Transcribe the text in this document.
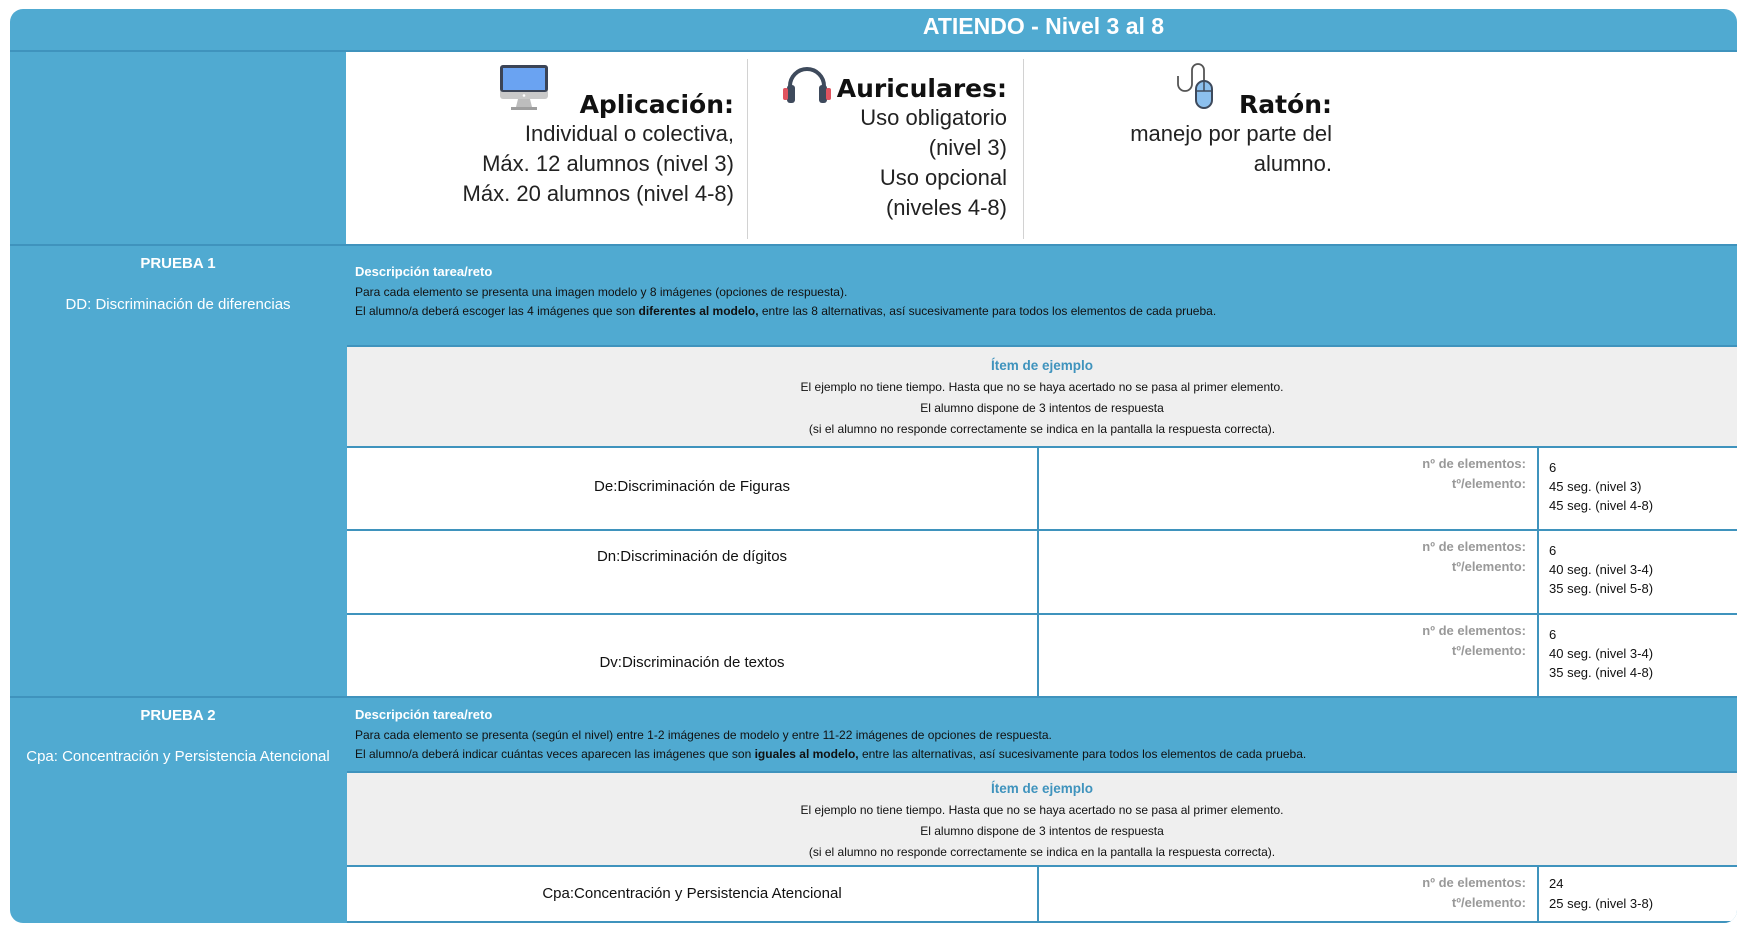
ATIENDO - Nivel 3 al 8
Aplicación:
Individual o colectiva,
Máx. 12 alumnos (nivel 3)
Máx. 20 alumnos (nivel 4-8)
Auriculares:
Uso obligatorio
(nivel 3)
Uso opcional
(niveles 4-8)
Ratón:
manejo por parte del
alumno.
PRUEBA 1
DD: Discriminación de diferencias
Descripción tarea/reto
Para cada elemento se presenta una imagen modelo y 8 imágenes (opciones de respuesta).
El alumno/a deberá escoger las 4 imágenes que son diferentes al modelo, entre las 8 alternativas, así sucesivamente para todos los elementos de cada prueba.
Ítem de ejemplo
El ejemplo no tiene tiempo. Hasta que no se haya acertado no se pasa al primer elemento.
El alumno dispone de 3 intentos de respuesta
(si el alumno no responde correctamente se indica en la pantalla la respuesta correcta).
De:Discriminación de Figuras
nº de elementos:
tº/elemento:
6
45 seg. (nivel 3)
45 seg. (nivel 4-8)
Dn:Discriminación de dígitos
nº de elementos:
tº/elemento:
6
40 seg. (nivel 3-4)
35 seg. (nivel 5-8)
Dv:Discriminación de textos
nº de elementos:
tº/elemento:
6
40 seg. (nivel 3-4)
35 seg. (nivel 4-8)
PRUEBA 2
Cpa: Concentración y Persistencia Atencional
Descripción tarea/reto
Para cada elemento se presenta (según el nivel) entre 1-2 imágenes de modelo y entre 11-22 imágenes de opciones de respuesta.
El alumno/a deberá indicar cuántas veces aparecen las imágenes que son iguales al modelo, entre las alternativas, así sucesivamente para todos los elementos de cada prueba.
Ítem de ejemplo
El ejemplo no tiene tiempo. Hasta que no se haya acertado no se pasa al primer elemento.
El alumno dispone de 3 intentos de respuesta
(si el alumno no responde correctamente se indica en la pantalla la respuesta correcta).
Cpa:Concentración y Persistencia Atencional
nº de elementos:
tº/elemento:
24
25 seg. (nivel 3-8)
